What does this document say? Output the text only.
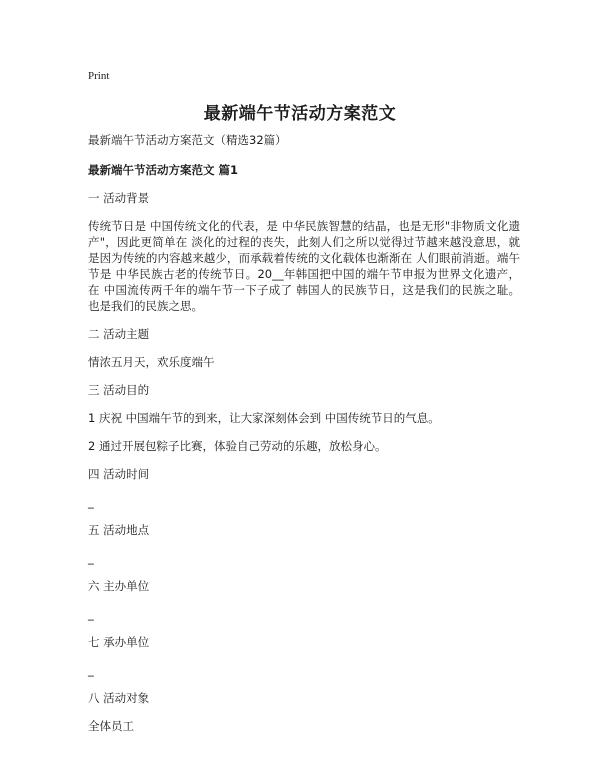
Print
最新端午节活动方案范文

最新端午节活动方案范文（精选32篇）

最新端午节活动方案范文 篇1

一 活动背景

传统节日是 中国传统文化的代表，是 中华民族智慧的结晶，也是无形"非物质文化遗产"，因此更简单在 淡化的过程的丧失，此刻人们之所以觉得过节越来越没意思，就是因为传统的内容越来越少，而承载着传统的文化载体也渐渐在 人们眼前消逝。端午节是 中华民族古老的传统节日。20__年韩国把中国的端午节申报为世界文化遗产，在 中国流传两千年的端午节一下子成了 韩国人的民族节日，这是我们的民族之耻。也是我们的民族之思。

二 活动主题

情浓五月天，欢乐度端午

三 活动目的

1 庆祝 中国端午节的到来，让大家深刻体会到 中国传统节日的气息。

2 通过开展包粽子比赛，体验自己劳动的乐趣，放松身心。

四 活动时间

_

五 活动地点

_

六 主办单位

_

七 承办单位

_

八 活动对象

全体员工
